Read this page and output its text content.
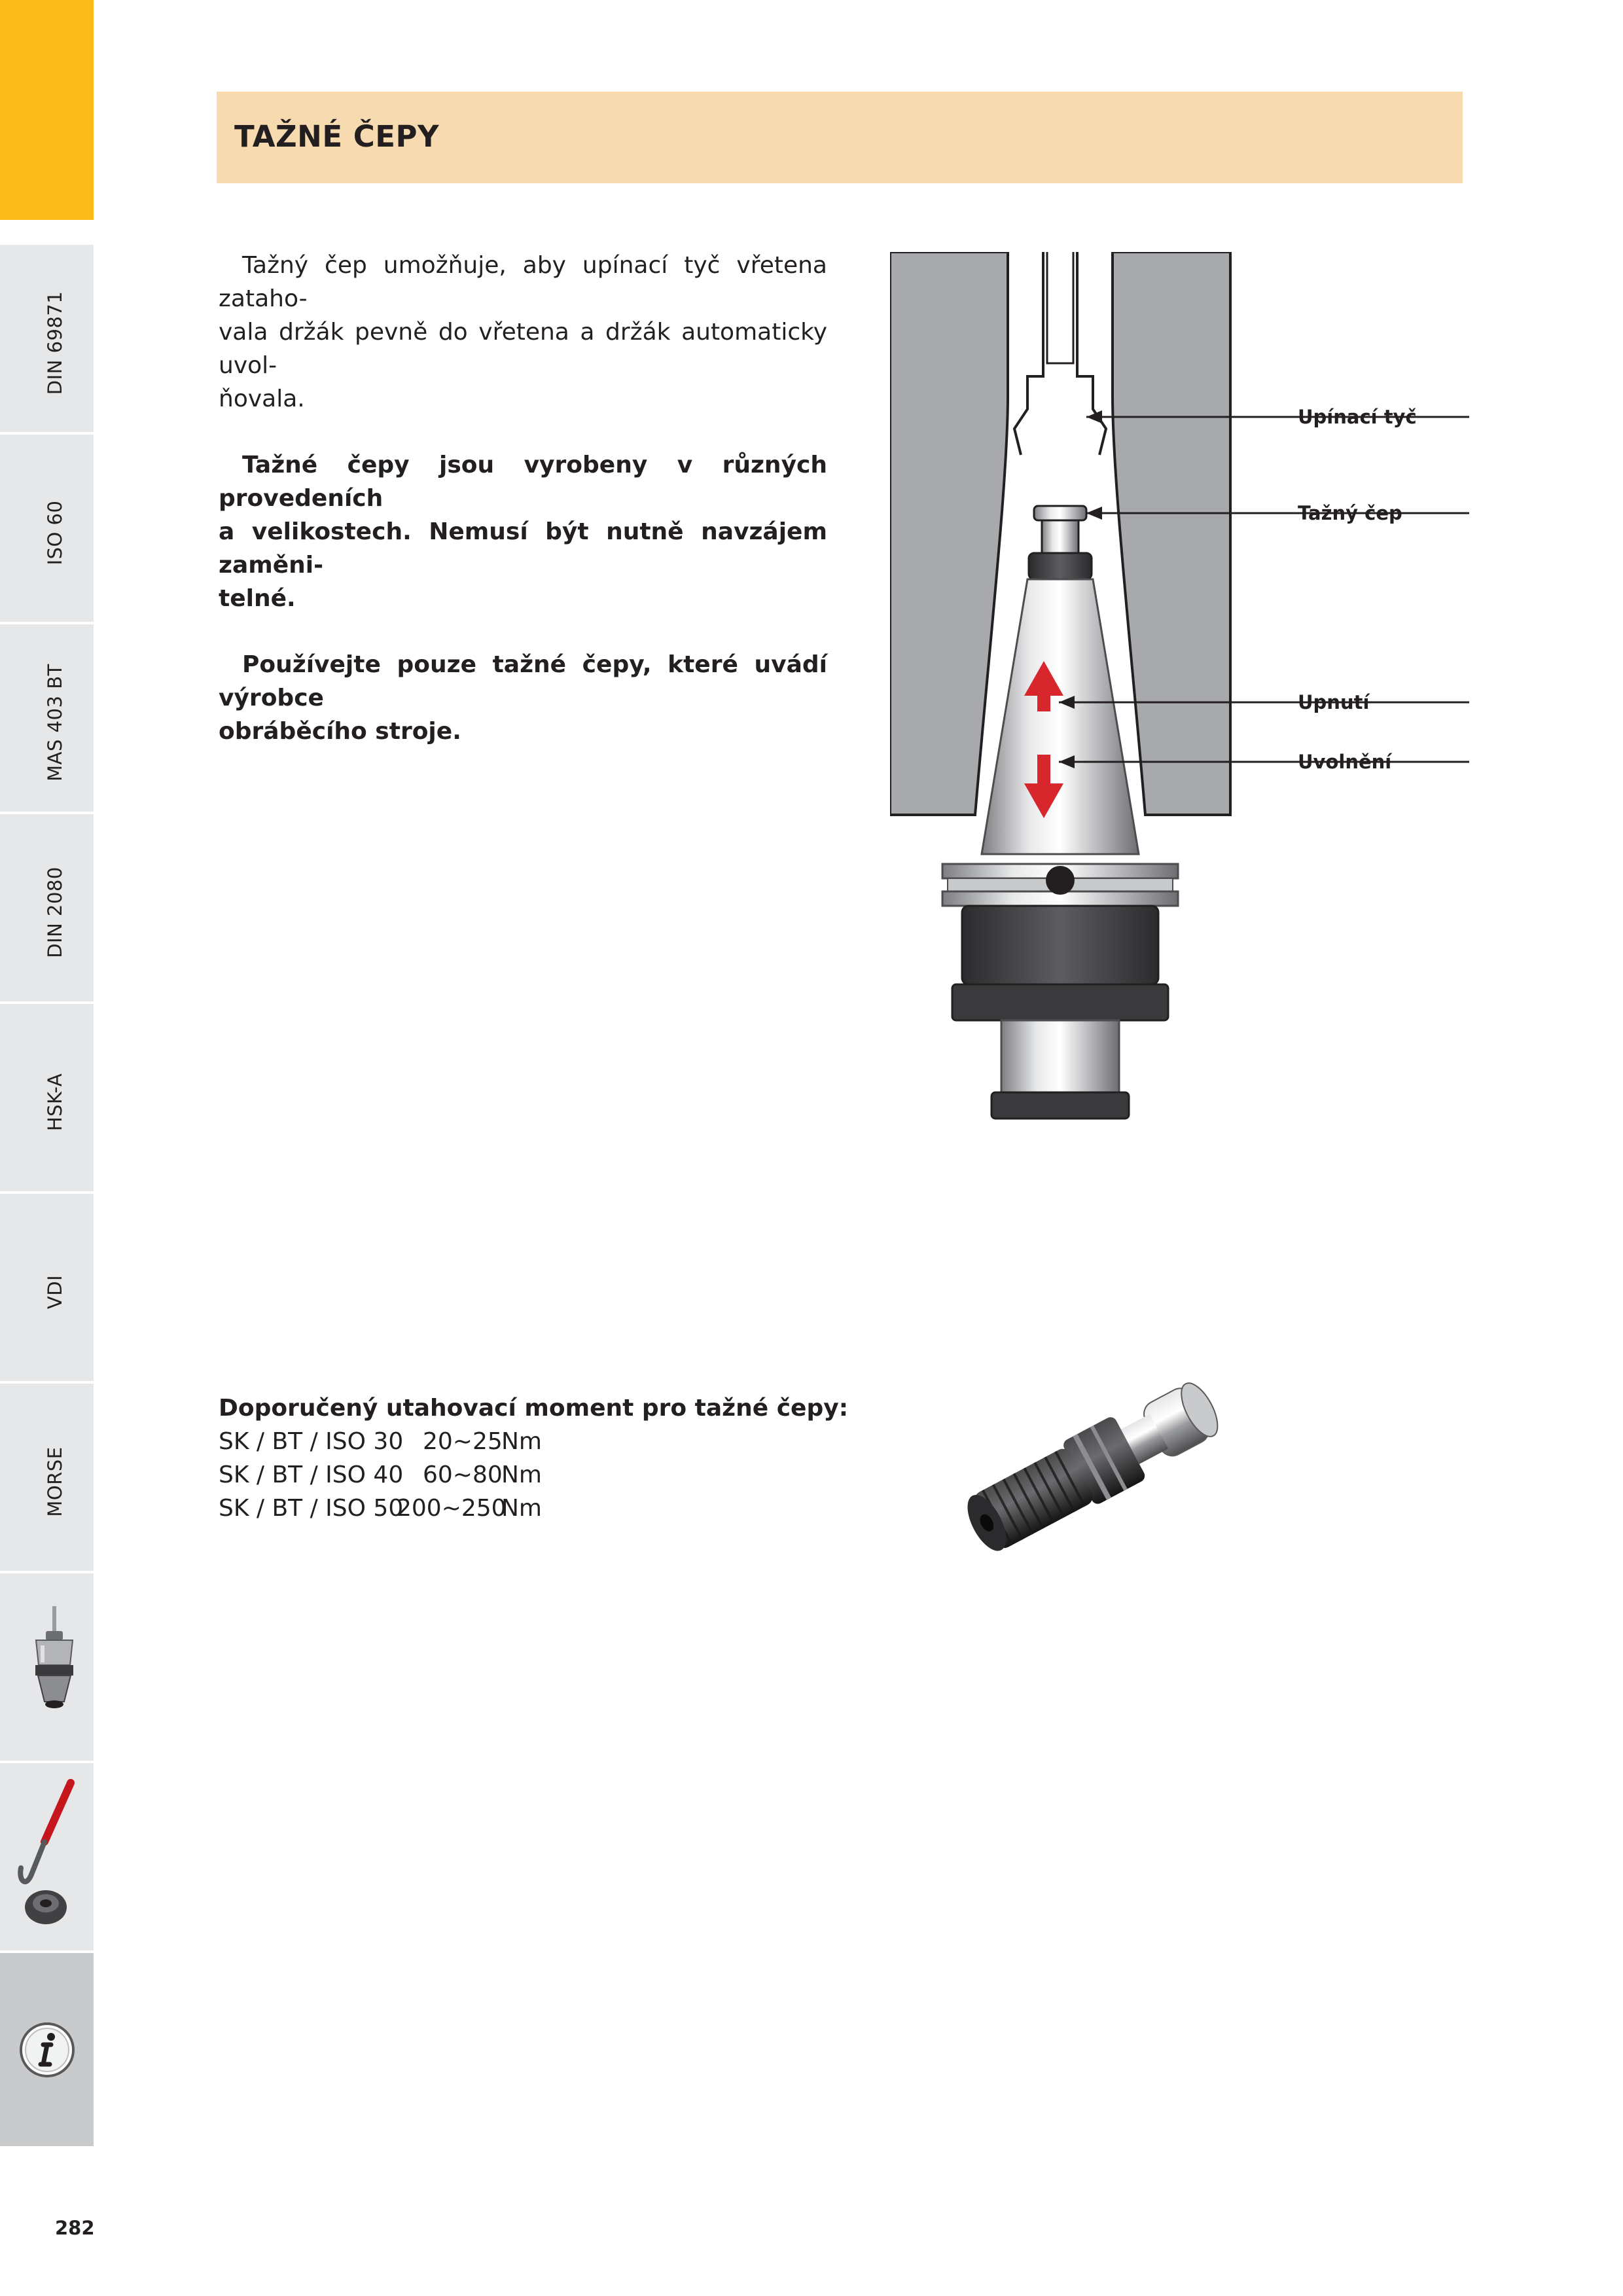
DIN 69871
ISO 60
MAS 403 BT
DIN 2080
HSK-A
VDI
MORSE
282
TAŽNÉ ČEPY

Tažný čep umožňuje, aby upínací tyč vřetena zataho-
vala držák pevně do vřetena a držák automaticky uvol-
ňovala.

Tažné čepy jsou vyrobeny v různých provedeních
a velikostech. Nemusí být nutně navzájem zaměni-
telné.

Používejte pouze tažné čepy, které uvádí výrobce
obráběcího stroje.

Upínací tyč
Tažný čep
Upnutí
Uvolnění
Doporučený utahovací moment pro tažné čepy:
SK / BT / ISO 30 20~25Nm
SK / BT / ISO 40 60~80Nm
SK / BT / ISO 50200~250Nm
